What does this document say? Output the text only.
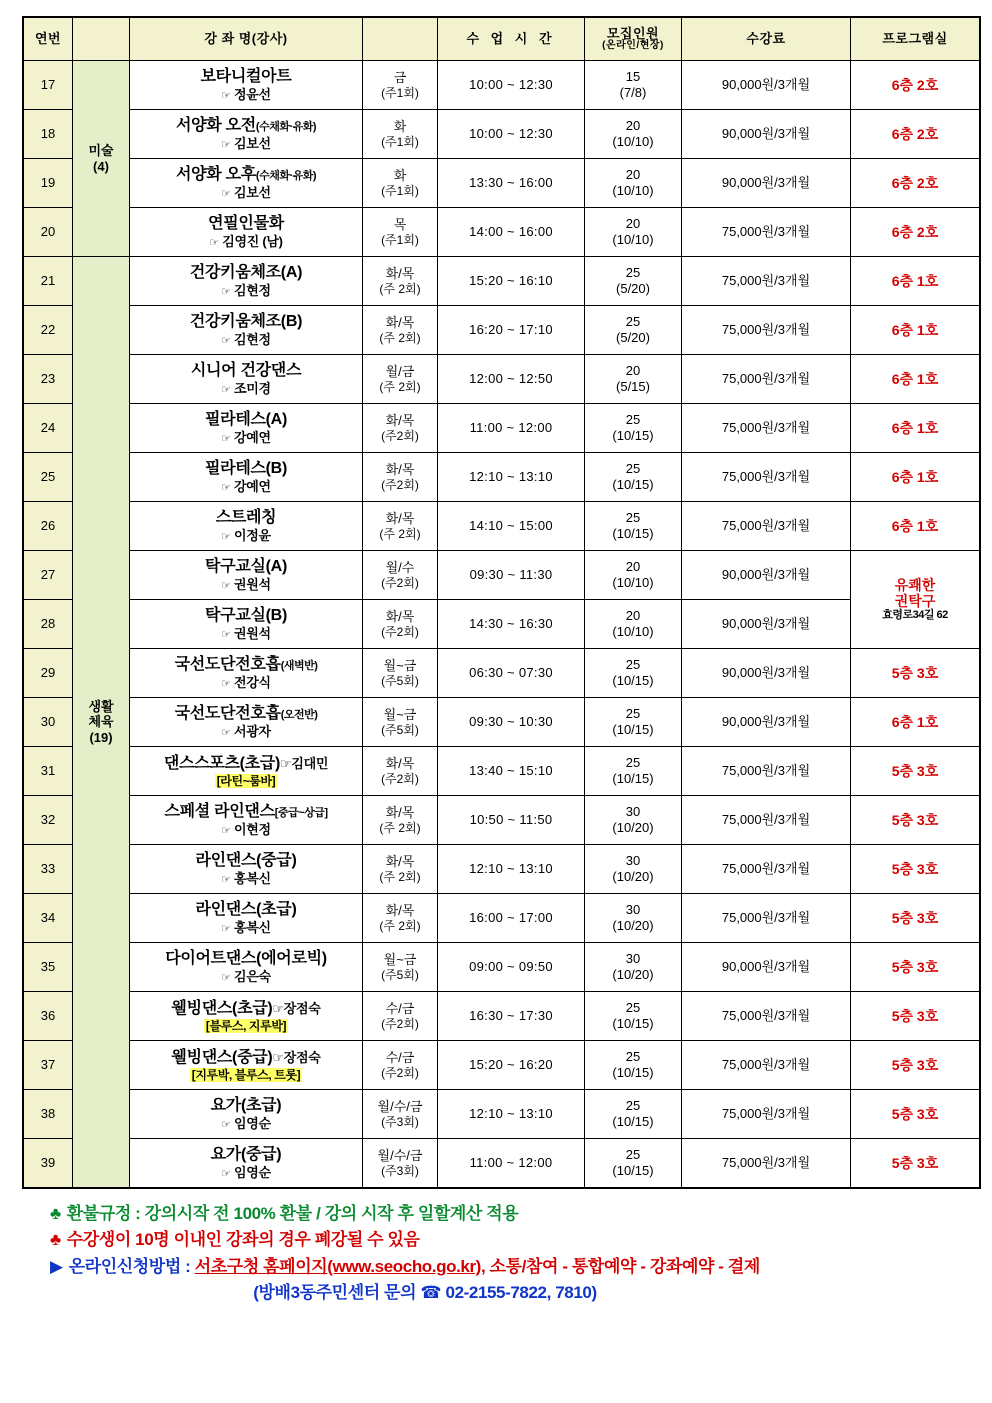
연번		강 좌 명(강사)		수 업 시 간	모집인원
(온라인/현장)	수강료	프로그램실
17	
미술
(4)

보타니컬아트
☞ 정윤선
	금
(주1회)
	10:00 ~ 12:30	15
(7/8)
	90,000원/3개월	6층 2호

18		서양화 오전(수채화·유화)
☞ 김보선	화
(주1회)	10:00 ~ 12:30	20
(10/10)	90,000원/3개월	6층 2호

19		서양화 오후(수채화·유화)
☞ 김보선	화
(주1회)	13:30 ~ 16:00	20
(10/10)	90,000원/3개월	6층 2호

20		연필인물화
☞ 김영진 (남)	목
(주1회)	14:00 ~ 16:00	20
(10/10)	75,000원/3개월	6층 2호

21	
생활
체육
(19)

건강키움체조(A)
☞ 김현정
	화/목
(주 2회)
	15:20 ~ 16:10	25
(5/20)
	75,000원/3개월	6층 1호

22		건강키움체조(B)
☞ 김현정	화/목
(주 2회)	16:20 ~ 17:10	25
(5/20)	75,000원/3개월	6층 1호

23		시니어 건강댄스
☞ 조미경	월/금
(주 2회)	12:00 ~ 12:50	20
(5/15)	75,000원/3개월	6층 1호

24		필라테스(A)
☞ 강예연	화/목
(주2회)	11:00 ~ 12:00	25
(10/15)	75,000원/3개월	6층 1호

25		필라테스(B)
☞ 강예연	화/목
(주2회)	12:10 ~ 13:10	25
(10/15)	75,000원/3개월	6층 1호

26		스트레칭
☞ 이정윤	화/목
(주 2회)	14:10 ~ 15:00	25
(10/15)	75,000원/3개월	6층 1호

27		탁구교실(A)
☞ 권원석	월/수
(주2회)	09:30 ~ 11:30	20
(10/10)	90,000원/3개월	유쾌한
권탁구
효령로34길 62

28		탁구교실(B)
☞ 권원석	화/목
(주2회)	14:30 ~ 16:30	20
(10/10)	90,000원/3개월	
29		국선도단전호흡(새벽반)
☞ 전강식	월~금
(주5회)	06:30 ~ 07:30	25
(10/15)	90,000원/3개월	5층 3호

30		국선도단전호흡(오전반)
☞ 서광자	월~금
(주5회)	09:30 ~ 10:30	25
(10/15)	90,000원/3개월	6층 1호

31		댄스스포츠(초급)☞김대민
[라틴~룸바]	화/목
(주2회)	13:40 ~ 15:10	25
(10/15)	75,000원/3개월	5층 3호

32		스페셜 라인댄스[중급~상급]
☞ 이현정	화/목
(주 2회)	10:50 ~ 11:50	30
(10/20)	75,000원/3개월	5층 3호

33		라인댄스(중급)
☞ 홍복신	화/목
(주 2회)	12:10 ~ 13:10	30
(10/20)	75,000원/3개월	5층 3호

34		라인댄스(초급)
☞ 홍복신	화/목
(주 2회)	16:00 ~ 17:00	30
(10/20)	75,000원/3개월	5층 3호

35		다이어트댄스(에어로빅)
☞ 김은숙	월~금
(주5회)	09:00 ~ 09:50	30
(10/20)	90,000원/3개월	5층 3호

36		웰빙댄스(초급)☞장점숙
[블루스, 지루박]	수/금
(주2회)	16:30 ~ 17:30	25
(10/15)	75,000원/3개월	5층 3호

37		웰빙댄스(중급)☞장점숙
[지루박, 블루스, 트롯]	수/금
(주2회)	15:20 ~ 16:20	25
(10/15)	75,000원/3개월	5층 3호

38		요가(초급)
☞ 임영순	월/수/금
(주3회)	12:10 ~ 13:10	25
(10/15)	75,000원/3개월	5층 3호

39		요가(중급)
☞ 임영순	월/수/금
(주3회)	11:00 ~ 12:00	25
(10/15)	75,000원/3개월	5층 3호
♣ 환불규정 : 강의시작 전 100% 환불 / 강의 시작 후 일할계산 적용
♣ 수강생이 10명 이내인 강좌의 경우 폐강될 수 있음
▶ 온라인신청방법 : 서초구청 홈페이지(www.seocho.go.kr), 소통/참여 - 통합예약 - 강좌예약 - 결제
(방배3동주민센터 문의 ☎ 02-2155-7822, 7810)
